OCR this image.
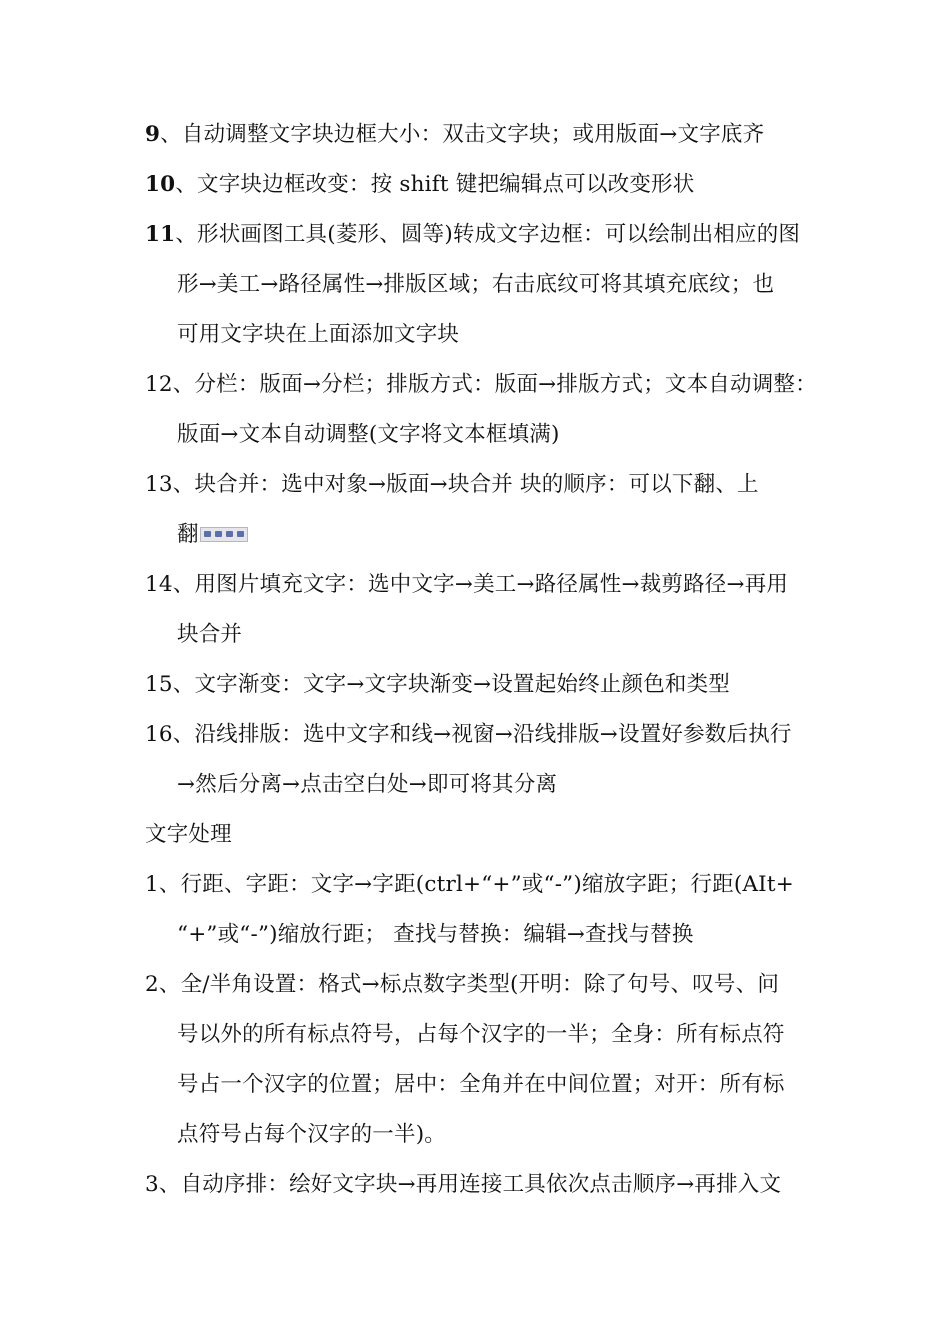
9、自动调整文字块边框大小：双击文字块；或用版面→文字底齐
10、文字块边框改变：按 shift 键把编辑点可以改变形状
11、形状画图工具(菱形、圆等)转成文字边框：可以绘制出相应的图
形→美工→路径属性→排版区域；右击底纹可将其填充底纹；也
可用文字块在上面添加文字块
12、分栏：版面→分栏；排版方式：版面→排版方式；文本自动调整：
版面→文本自动调整(文字将文本框填满)
13、块合并：选中对象→版面→块合并 块的顺序：可以下翻、上
翻
14、用图片填充文字：选中文字→美工→路径属性→裁剪路径→再用
块合并
15、文字渐变：文字→文字块渐变→设置起始终止颜色和类型
16、沿线排版：选中文字和线→视窗→沿线排版→设置好参数后执行
→然后分离→点击空白处→即可将其分离
文字处理
1、行距、字距：文字→字距(ctrl+“+”或“-”)缩放字距；行距(AIt+
“+”或“-”)缩放行距； 查找与替换：编辑→查找与替换
2、全/半角设置：格式→标点数字类型(开明：除了句号、叹号、问
号以外的所有标点符号，占每个汉字的一半；全身：所有标点符
号占一个汉字的位置；居中：全角并在中间位置；对开：所有标
点符号占每个汉字的一半)。
3、自动序排：绘好文字块→再用连接工具依次点击顺序→再排入文
